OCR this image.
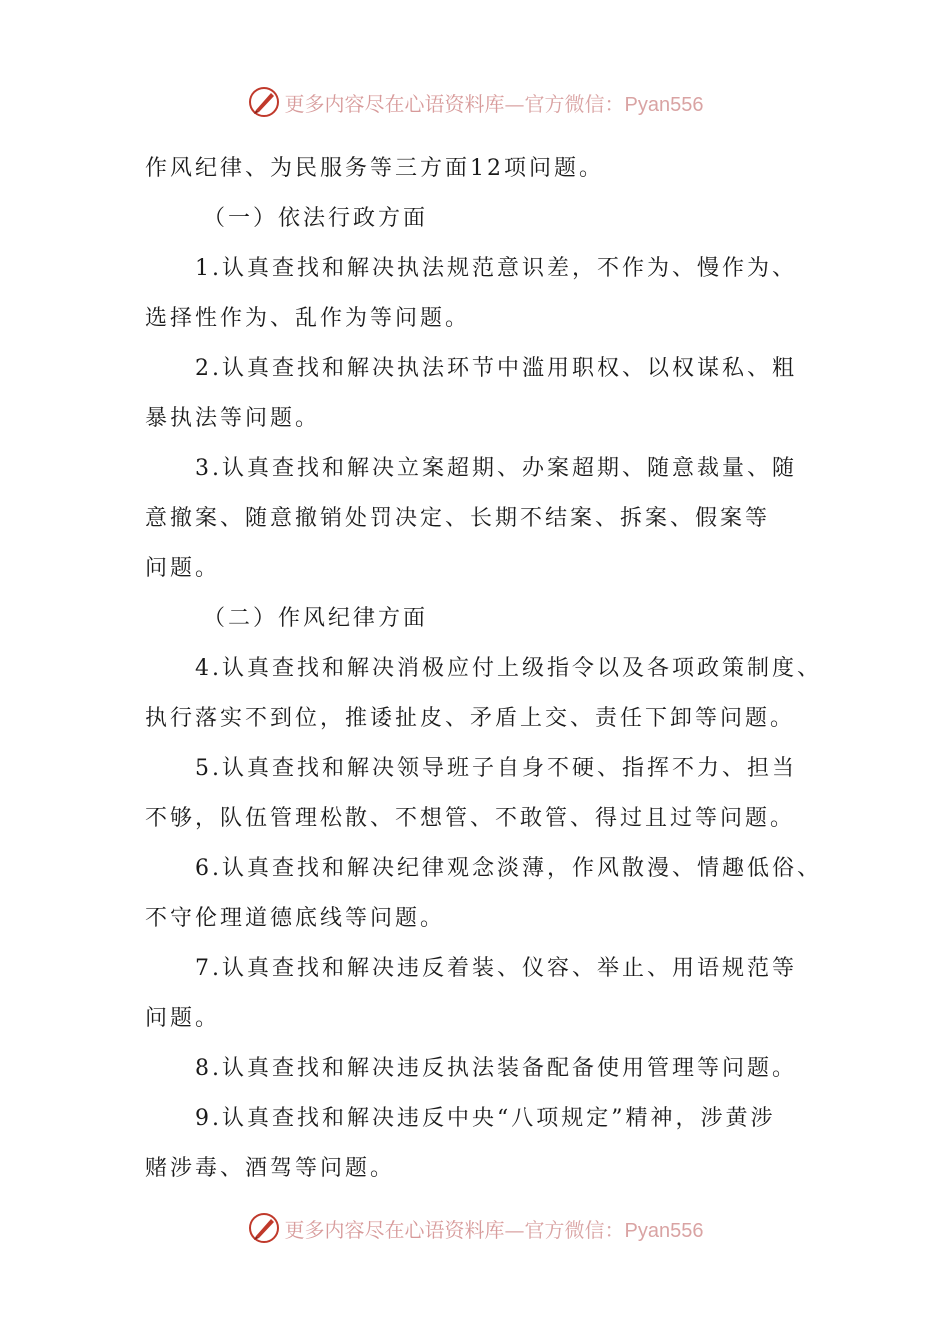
更多内容尽在心语资料库—官方微信：Pyan556
作风纪律、为民服务等三方面12项问题。
（一）依法行政方面
1.认真查找和解决执法规范意识差，不作为、慢作为、
选择性作为、乱作为等问题。
2.认真查找和解决执法环节中滥用职权、以权谋私、粗
暴执法等问题。
3.认真查找和解决立案超期、办案超期、随意裁量、随
意撤案、随意撤销处罚决定、长期不结案、拆案、假案等
问题。
（二）作风纪律方面
4.认真查找和解决消极应付上级指令以及各项政策制度、
执行落实不到位，推诿扯皮、矛盾上交、责任下卸等问题。
5.认真查找和解决领导班子自身不硬、指挥不力、担当
不够，队伍管理松散、不想管、不敢管、得过且过等问题。
6.认真查找和解决纪律观念淡薄，作风散漫、情趣低俗、
不守伦理道德底线等问题。
7.认真查找和解决违反着装、仪容、举止、用语规范等
问题。
8.认真查找和解决违反执法装备配备使用管理等问题。
9.认真查找和解决违反中央“八项规定”精神，涉黄涉
赌涉毒、酒驾等问题。
更多内容尽在心语资料库—官方微信：Pyan556
